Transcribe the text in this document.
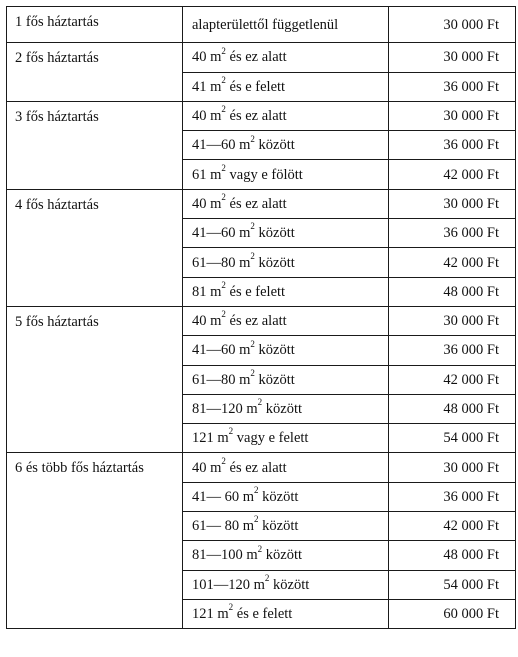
1 fős háztartás	alapterülettől függetlenül	30 000 Ft
2 fős háztartás	40 $m^2$ és ez alatt	30 000 Ft
	41 $m^2$ és e felett	36 000 Ft
3 fős háztartás	40 $m^2$ és ez alatt	30 000 Ft
	41—60 $m^2$ között	36 000 Ft
	61 $m^2$ vagy e fölött	42 000 Ft
4 fős háztartás	40 $m^2$ és ez alatt	30 000 Ft
	41—60 $m^2$ között	36 000 Ft
	61—80 $m^2$ között	42 000 Ft
	81 $m^2$ és e felett	48 000 Ft
5 fős háztartás	40 $m^2$ és ez alatt	30 000 Ft
	41—60 $m^2$ között	36 000 Ft
	61—80 $m^2$ között	42 000 Ft
	81—120 $m^2$ között	48 000 Ft
	121 $m^2$ vagy e felett	54 000 Ft
6 és több fős háztartás	40 $m^2$ és ez alatt	30 000 Ft
	41— 60 $m^2$ között	36 000 Ft
	61— 80 $m^2$ között	42 000 Ft
	81—100 $m^2$ között	48 000 Ft
	101—120 $m^2$ között	54 000 Ft
	121 $m^2$ és e felett	60 000 Ft
